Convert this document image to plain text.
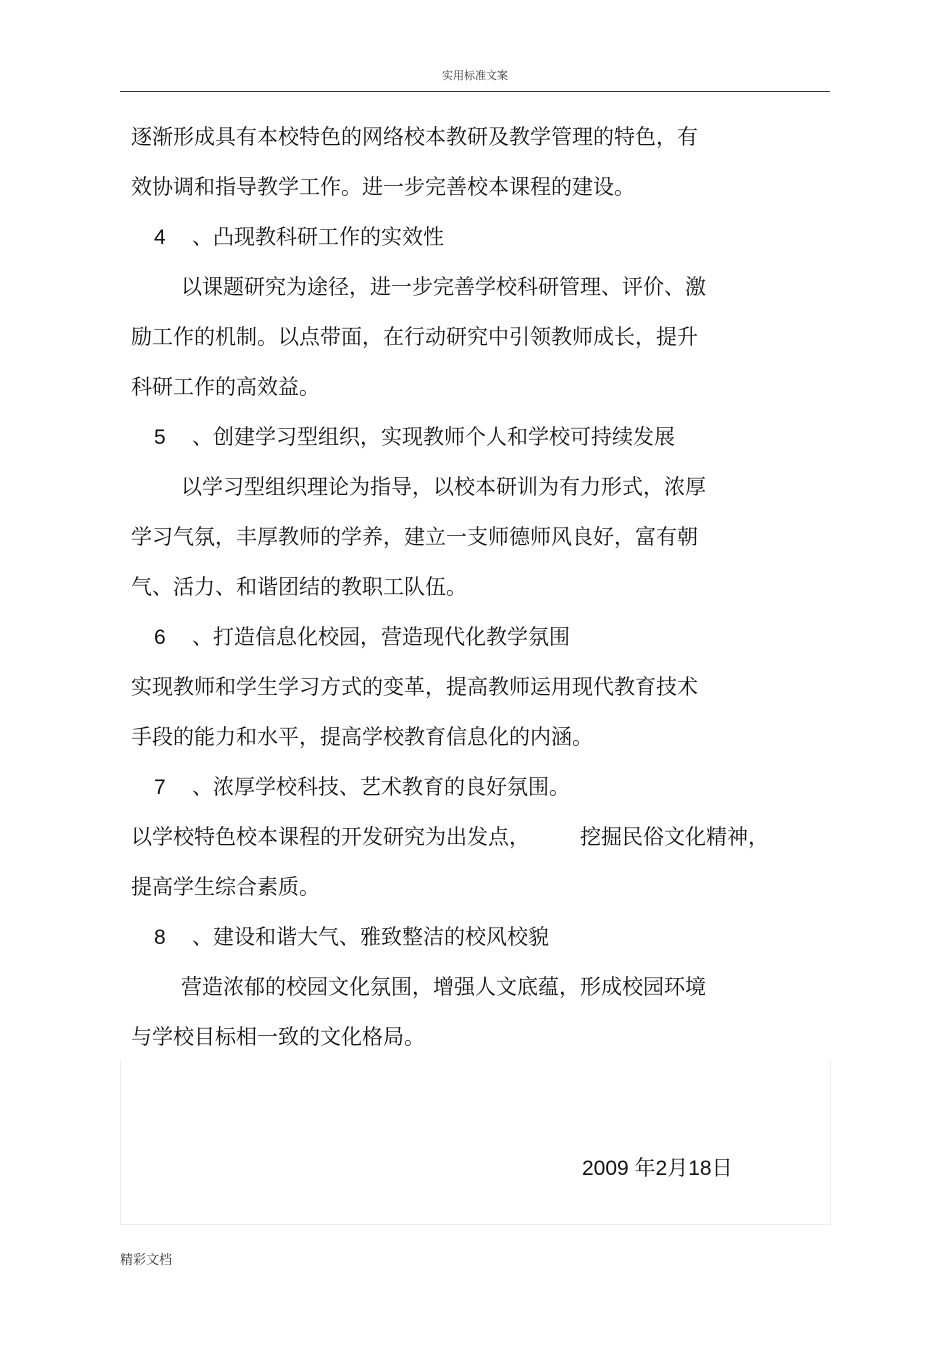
实用标准文案
逐渐形成具有本校特色的网络校本教研及教学管理的特色，有
效协调和指导教学工作。进一步完善校本课程的建设。
4 、凸现教科研工作的实效性
以课题研究为途径，进一步完善学校科研管理、评价、激
励工作的机制。以点带面，在行动研究中引领教师成长，提升
科研工作的高效益。
5 、创建学习型组织，实现教师个人和学校可持续发展
以学习型组织理论为指导，以校本研训为有力形式，浓厚
学习气氛，丰厚教师的学养，建立一支师德师风良好，富有朝
气、活力、和谐团结的教职工队伍。
6 、打造信息化校园，营造现代化教学氛围
实现教师和学生学习方式的变革，提高教师运用现代教育技术
手段的能力和水平，提高学校教育信息化的内涵。
7 、浓厚学校科技、艺术教育的良好氛围。
以学校特色校本课程的开发研究为出发点， 挖掘民俗文化精神，
提高学生综合素质。
8 、建设和谐大气、雅致整洁的校风校貌
营造浓郁的校园文化氛围，增强人文底蕴，形成校园环境
与学校目标相一致的文化格局。
2009 年2月18日
精彩文档
